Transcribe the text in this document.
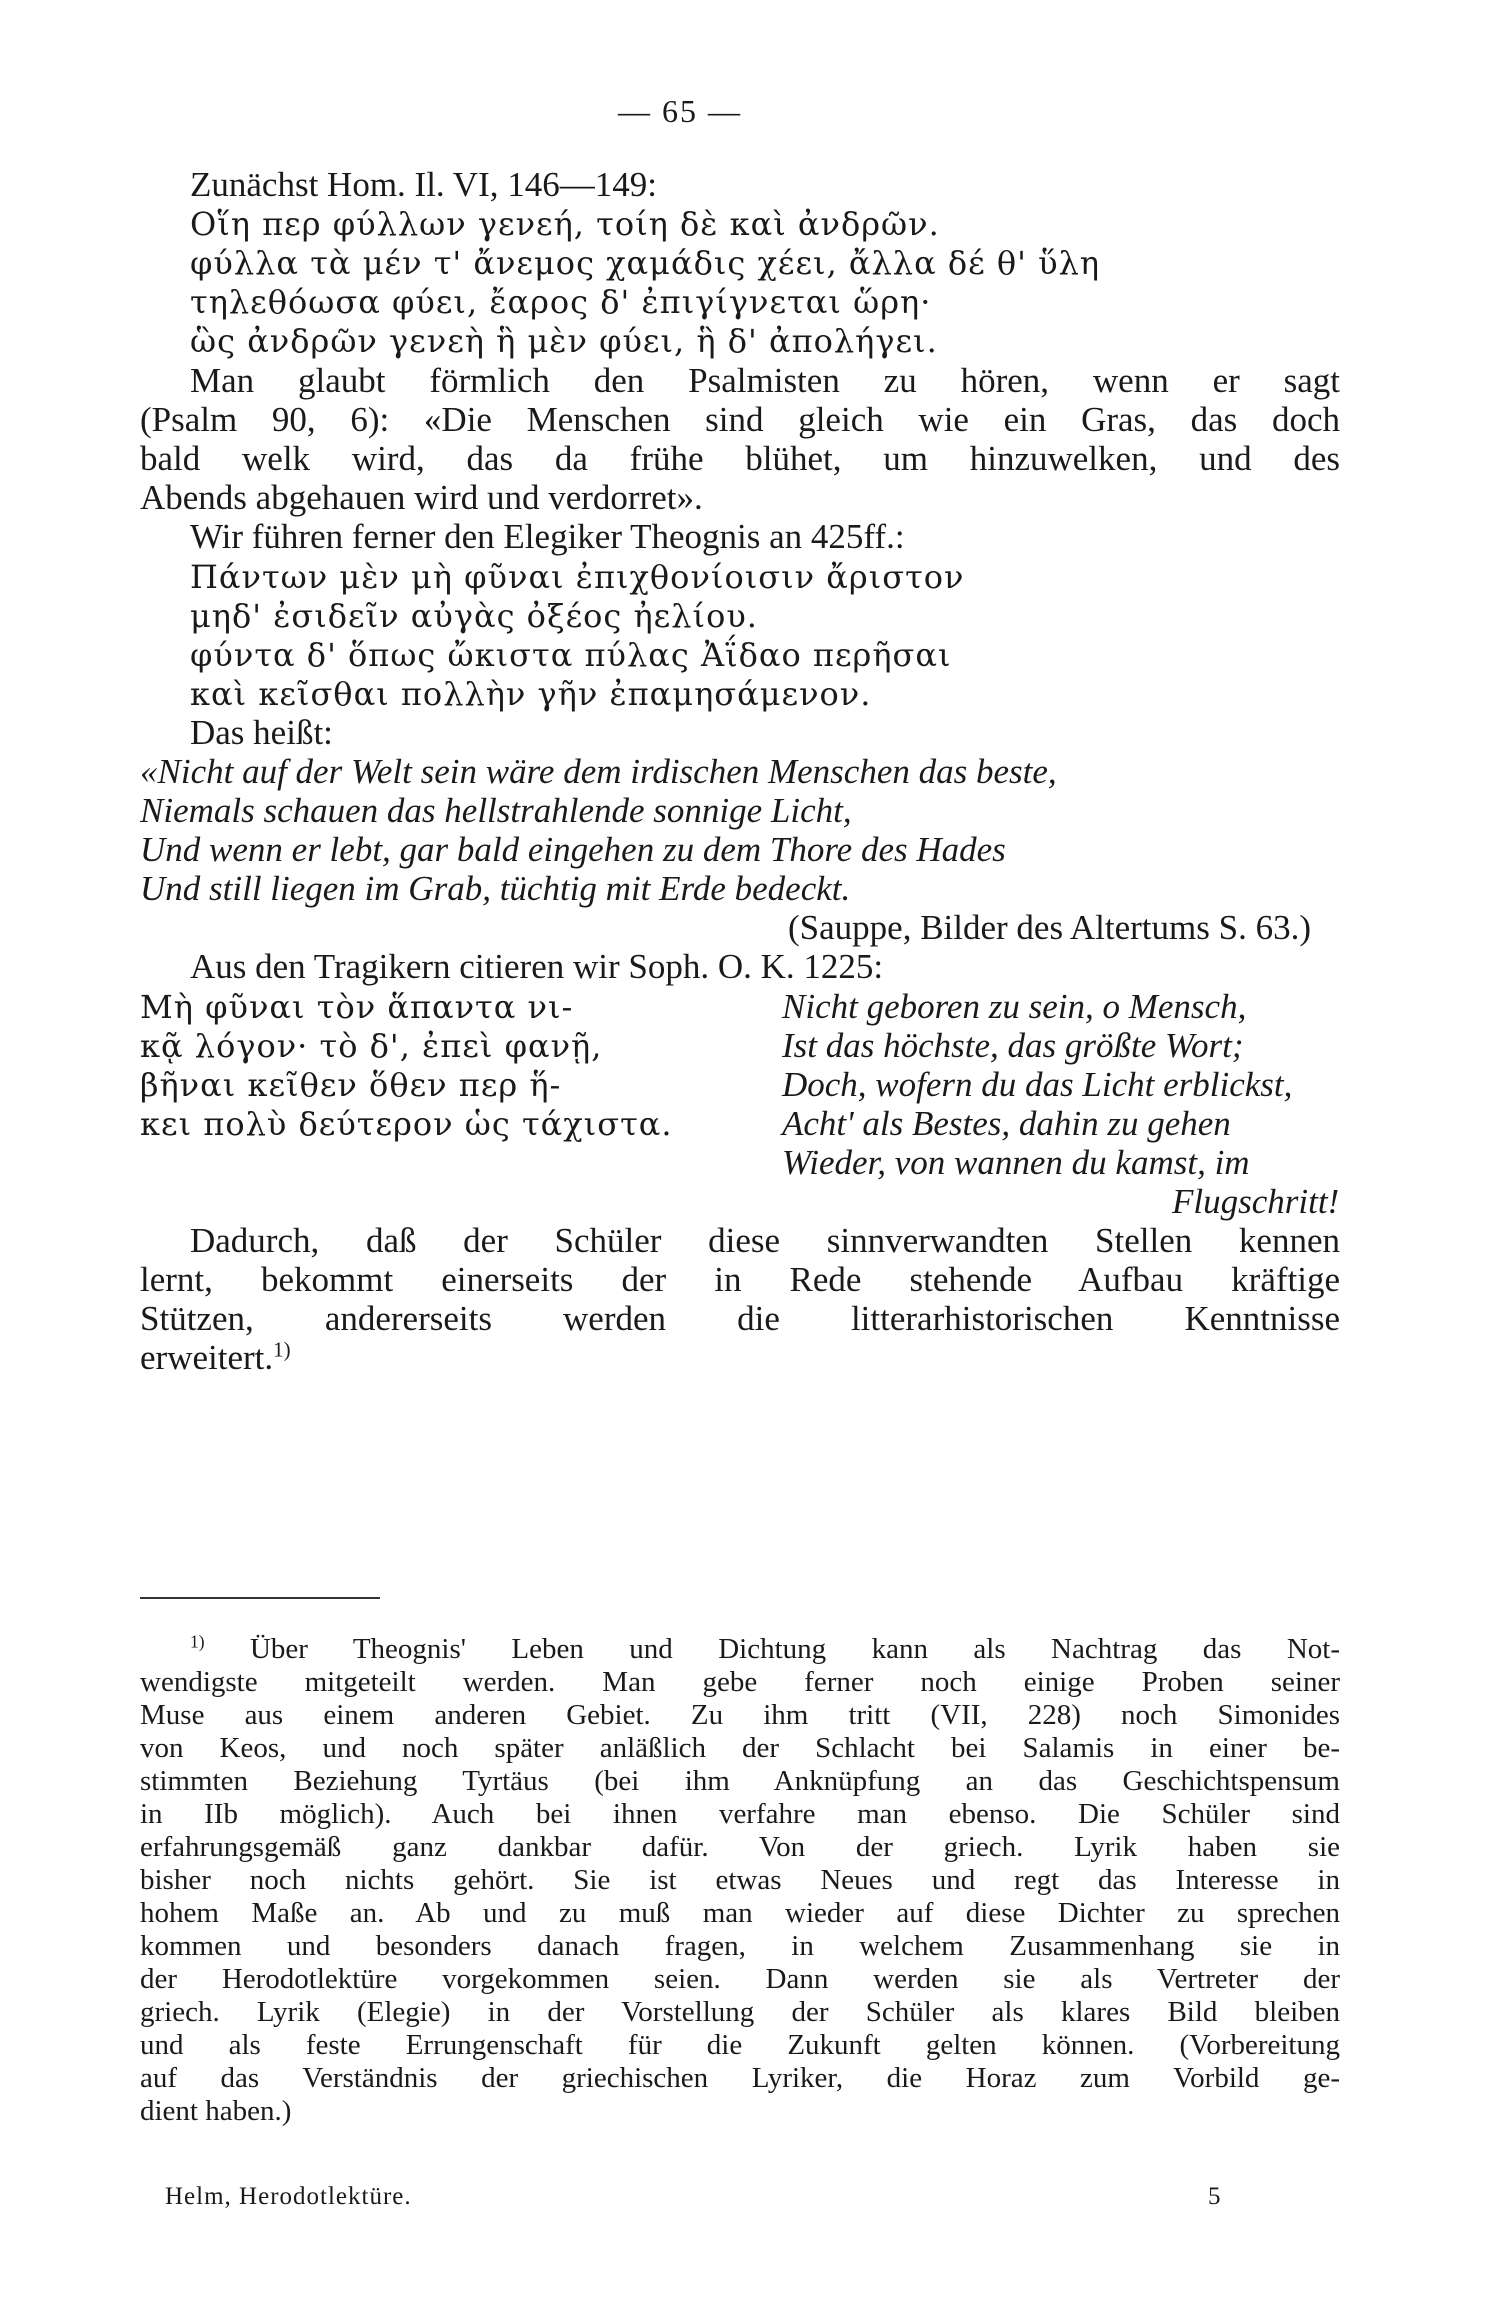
— 65 —
Zunächst Hom. Il. VI, 146—149:
Οἵη περ φύλλων γενεή, τοίη δὲ καὶ ἀνδρῶν.
φύλλα τὰ μέν τ' ἄνεμος χαμάδις χέει, ἄλλα δέ θ' ὕλη
τηλεθόωσα φύει, ἔαρος δ' ἐπιγίγνεται ὥρη·
ὣς ἀνδρῶν γενεὴ ἣ μὲν φύει, ἣ δ' ἀπολήγει.
Man glaubt förmlich den Psalmisten zu hören, wenn er sagt
(Psalm 90, 6): «Die Menschen sind gleich wie ein Gras, das doch
bald welk wird, das da frühe blühet, um hinzuwelken, und des
Abends abgehauen wird und verdorret».
Wir führen ferner den Elegiker Theognis an 425ff.:
Πάντων μὲν μὴ φῦναι ἐπιχθονίοισιν ἄριστον
μηδ' ἐσιδεῖν αὐγὰς ὀξέος ἠελίου.
φύντα δ' ὅπως ὤκιστα πύλας Ἀΐδαο περῆσαι
καὶ κεῖσθαι πολλὴν γῆν ἐπαμησάμενον.
Das heißt:
«Nicht auf der Welt sein wäre dem irdischen Menschen das beste,
Niemals schauen das hellstrahlende sonnige Licht,
Und wenn er lebt, gar bald eingehen zu dem Thore des Hades
Und still liegen im Grab, tüchtig mit Erde bedeckt.
(Sauppe, Bilder des Altertums S. 63.)
Aus den Tragikern citieren wir Soph. O. K. 1225:
Μὴ φῦναι τὸν ἅπαντα νι-
κᾷ λόγον· τὸ δ', ἐπεὶ φανῇ,
βῆναι κεῖθεν ὅθεν περ ἥ-
κει πολὺ δεύτερον ὡς τάχιστα.
Nicht geboren zu sein, o Mensch,
Ist das höchste, das größte Wort;
Doch, wofern du das Licht erblickst,
Acht' als Bestes, dahin zu gehen
Wieder, von wannen du kamst, im
Flugschritt!
Dadurch, daß der Schüler diese sinnverwandten Stellen kennen
lernt, bekommt einerseits der in Rede stehende Aufbau kräftige
Stützen, andererseits werden die litterarhistorischen Kenntnisse
erweitert.$^{1)}$
$^{1)}$ Über Theognis' Leben und Dichtung kann als Nachtrag das Not-
wendigste mitgeteilt werden. Man gebe ferner noch einige Proben seiner
Muse aus einem anderen Gebiet. Zu ihm tritt (VII, 228) noch Simonides
von Keos, und noch später anläßlich der Schlacht bei Salamis in einer be-
stimmten Beziehung Tyrtäus (bei ihm Anknüpfung an das Geschichtspensum
in IIb möglich). Auch bei ihnen verfahre man ebenso. Die Schüler sind
erfahrungsgemäß ganz dankbar dafür. Von der griech. Lyrik haben sie
bisher noch nichts gehört. Sie ist etwas Neues und regt das Interesse in
hohem Maße an. Ab und zu muß man wieder auf diese Dichter zu sprechen
kommen und besonders danach fragen, in welchem Zusammenhang sie in
der Herodotlektüre vorgekommen seien. Dann werden sie als Vertreter der
griech. Lyrik (Elegie) in der Vorstellung der Schüler als klares Bild bleiben
und als feste Errungenschaft für die Zukunft gelten können. (Vorbereitung
auf das Verständnis der griechischen Lyriker, die Horaz zum Vorbild ge-
dient haben.)
Helm, Herodotlektüre.	5
